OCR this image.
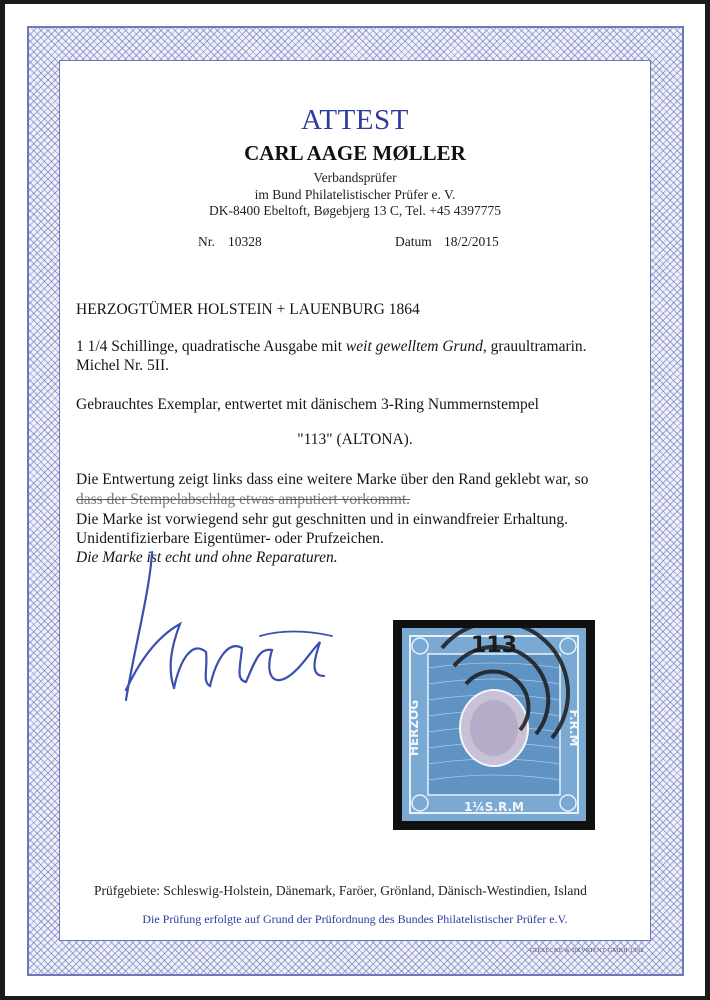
ATTEST
CARL AAGE MØLLER
Verbandsprüfer
im Bund Philatelistischer Prüfer e. V.
DK-8400 Ebeltoft, Bøgebjerg 13 C, Tel. +45 4397775
Nr. 10328	Datum 18/2/2015
HERZOGTÜMER HOLSTEIN + LAUENBURG 1864
1 1/4 Schillinge, quadratische Ausgabe mit weit gewelltem Grund, grauultramarin.
Michel Nr. 5II.
Gebrauchtes Exemplar, entwertet mit dänischem 3-Ring Nummernstempel
"113" (ALTONA).
Die Entwertung zeigt links dass eine weitere Marke über den Rand geklebt war, so
dass der Stempelabschlag etwas amputiert vorkommt.
Die Marke ist vorwiegend sehr gut geschnitten und in einwandfreier Erhaltung.
Unidentifizierbare Eigentümer- oder Prufzeichen.
Die Marke ist echt und ohne Reparaturen.
113
F.R.M
HERZOG
1¼S.R.M
Prüfgebiete: Schleswig-Holstein, Dänemark, Faröer, Grönland, Dänisch-Westindien, Island
Die Prüfung erfolgte auf Grund der Prüfordnung des Bundes Philatelistischer Prüfer e.V.
GIESECKE & DEVRIENT GMBH 1992
